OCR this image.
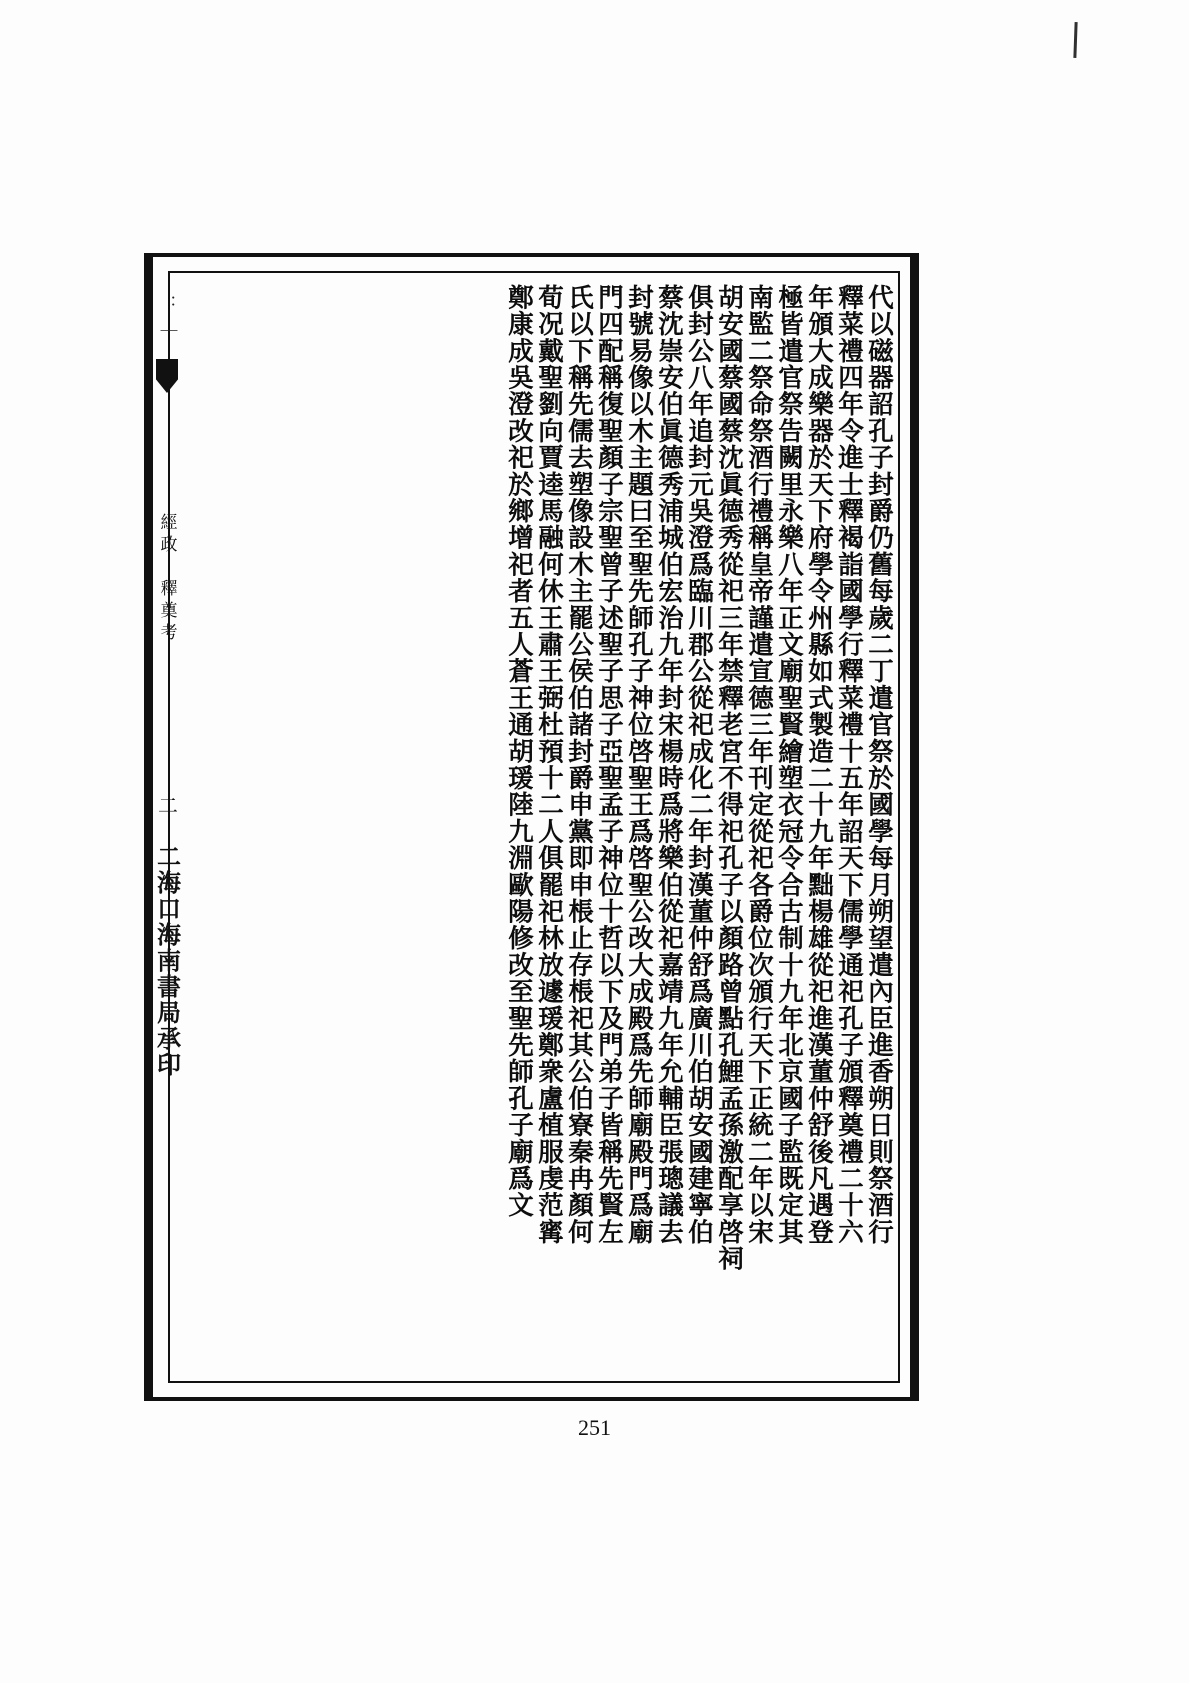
：｜
經政　釋奠考
二
二海口海南書局承印	代以磁器詔孔子封爵仍舊每歲二丁遣官祭於國學每月朔望遣內臣進香朔日則祭酒行
釋菜禮四年令進士釋褐詣國學行釋菜禮十五年詔天下儒學通祀孔子頒釋奠禮二十六
年頒大成樂器於天下府學令州縣如式製造二十九年黜楊雄從祀進漢董仲舒後凡遇登
極皆遣官祭告闕里永樂八年正文廟聖賢繪塑衣冠令合古制十九年北京國子監既定其
南監二祭命祭酒行禮稱皇帝謹遣宣德三年刊定從祀各爵位次頒行天下正統二年以宋
胡安國蔡國蔡沈眞德秀從祀三年禁釋老宮不得祀孔子以顏路曾點孔鯉孟孫激配享啓祠
俱封公八年追封元吳澄爲臨川郡公從祀成化二年封漢董仲舒爲廣川伯胡安國建寧伯
蔡沈崇安伯眞德秀浦城伯宏治九年封宋楊時爲將樂伯從祀嘉靖九年允輔臣張璁議去
封號易像以木主題曰至聖先師孔子神位啓聖王爲啓聖公改大成殿爲先師廟殿門爲廟
門四配稱復聖顏子宗聖曾子述聖子思子亞聖孟子神位十哲以下及門弟子皆稱先賢左
氏以下稱先儒去塑像設木主罷公侯伯諸封爵申黨即申棖止存棖祀其公伯寮秦冉顏何
荀况戴聖劉向賈逵馬融何休王肅王弼杜預十二人俱罷祀林放遽瑗鄭衆盧植服虔范寗
鄭康成吳澄改祀於鄉增祀者五人蒼王通胡瑗陸九淵歐陽修改至聖先師孔子廟爲文
251
